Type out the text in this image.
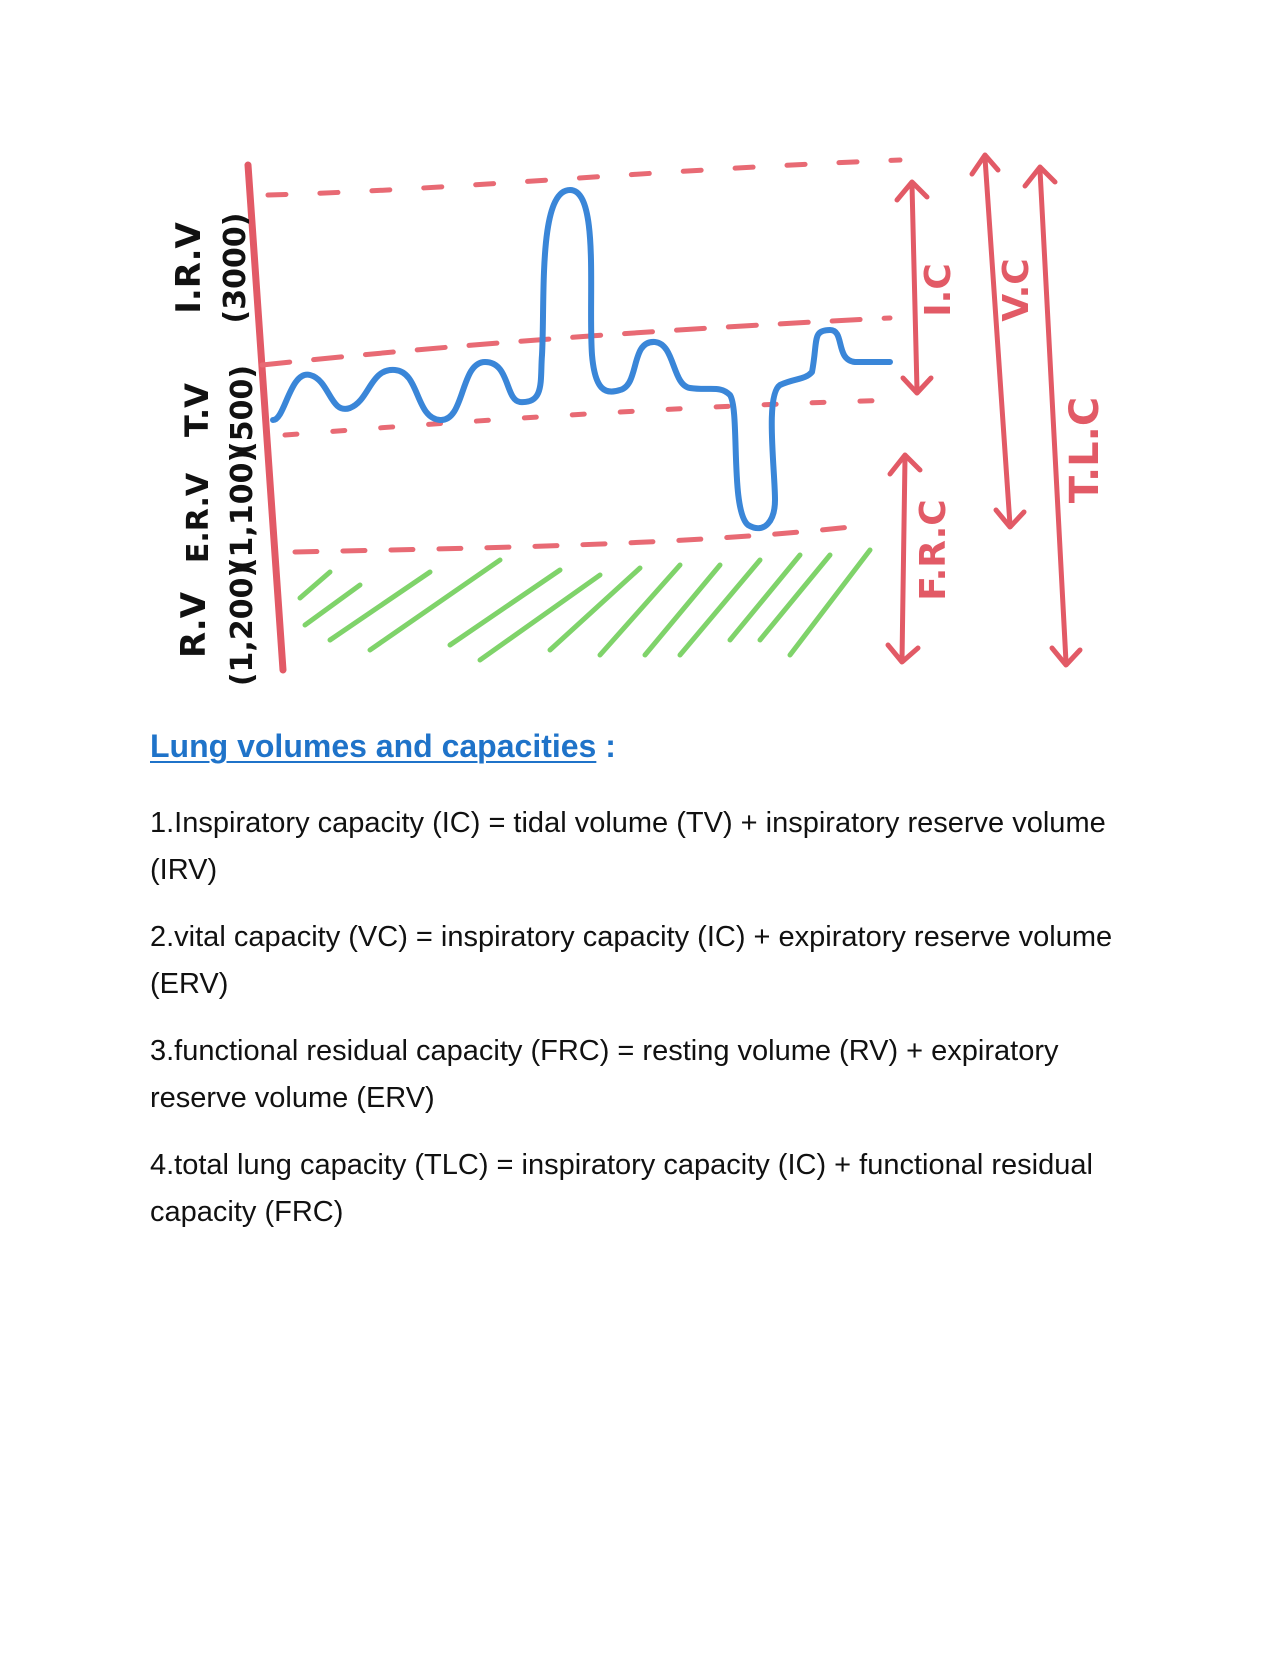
I.C
F.R.C
V.C
T.L.C
R.V (1,200)
E.R.V (1,100)
T.V (500)
I.R.V (3000)
Lung volumes and capacities :

1.Inspiratory capacity (IC) = tidal volume (TV) + inspiratory reserve volume (IRV)

2.vital capacity (VC) = inspiratory capacity (IC) + expiratory reserve volume (ERV)

3.functional residual capacity (FRC) = resting volume (RV) + expiratory reserve volume (ERV)

4.total lung capacity (TLC) = inspiratory capacity (IC) + functional residual capacity (FRC)
